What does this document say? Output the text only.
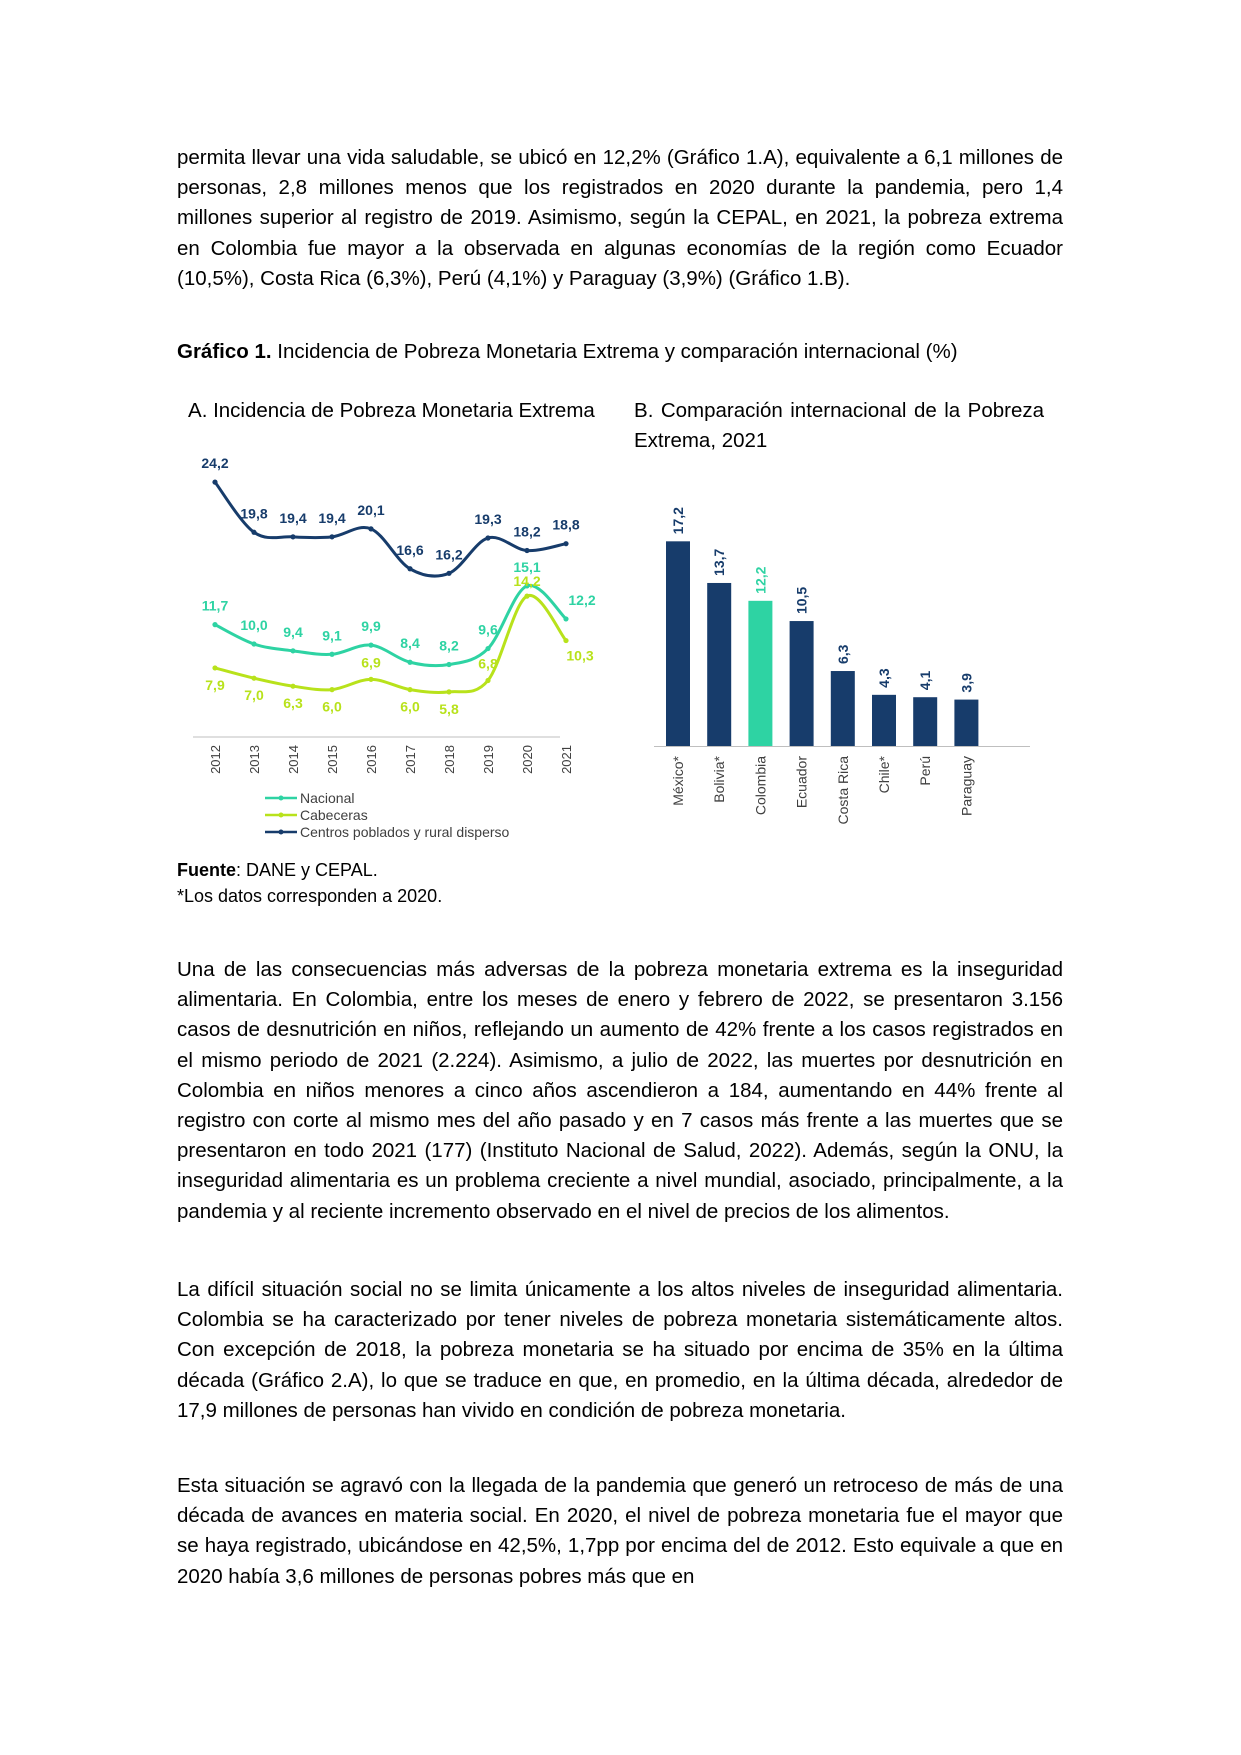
permita llevar una vida saludable, se ubicó en 12,2% (Gráfico 1.A), equivalente a 6,1 millones de personas, 2,8 millones menos que los registrados en 2020 durante la pandemia, pero 1,4 millones superior al registro de 2019. Asimismo, según la CEPAL, en 2021, la pobreza extrema en Colombia fue mayor a la observada en algunas economías de la región como Ecuador (10,5%), Costa Rica (6,3%), Perú (4,1%) y Paraguay (3,9%) (Gráfico 1.B).

Gráfico 1. Incidencia de Pobreza Monetaria Extrema y comparación internacional (%)

A. Incidencia de Pobreza Monetaria Extrema	B. Comparación internacional de la Pobreza Extrema, 2021

2012 2013 2014 2015 2016 2017 2018 2019 2020 2021
11,7
10,0 9,4 9,1
9,9
8,4 8,2
9,6
15,1
12,2
7,9
7,0 6,3 6,0
6,9
6,0 5,8
6,8
14,2
10,3
24,2
19,8 19,4 19,4 20,1
16,6 16,2
19,3
18,2 18,8
Nacional
Cabeceras
Centros poblados y rural disperso
17,2
México*
13,7
Bolivia*
12,2
Colombia
10,5
Ecuador
6,3
Costa Rica
4,3
Chile*
4,1
Perú
3,9
Paraguay
Fuente: DANE y CEPAL.
*Los datos corresponden a 2020.

Una de las consecuencias más adversas de la pobreza monetaria extrema es la inseguridad alimentaria. En Colombia, entre los meses de enero y febrero de 2022, se presentaron 3.156 casos de desnutrición en niños, reflejando un aumento de 42% frente a los casos registrados en el mismo periodo de 2021 (2.224). Asimismo, a julio de 2022, las muertes por desnutrición en Colombia en niños menores a cinco años ascendieron a 184, aumentando en 44% frente al registro con corte al mismo mes del año pasado y en 7 casos más frente a las muertes que se presentaron en todo 2021 (177) (Instituto Nacional de Salud, 2022). Además, según la ONU, la inseguridad alimentaria es un problema creciente a nivel mundial, asociado, principalmente, a la pandemia y al reciente incremento observado en el nivel de precios de los alimentos.

La difícil situación social no se limita únicamente a los altos niveles de inseguridad alimentaria. Colombia se ha caracterizado por tener niveles de pobreza monetaria sistemáticamente altos. Con excepción de 2018, la pobreza monetaria se ha situado por encima de 35% en la última década (Gráfico 2.A), lo que se traduce en que, en promedio, en la última década, alrededor de 17,9 millones de personas han vivido en condición de pobreza monetaria.

Esta situación se agravó con la llegada de la pandemia que generó un retroceso de más de una década de avances en materia social. En 2020, el nivel de pobreza monetaria fue el mayor que se haya registrado, ubicándose en 42,5%, 1,7pp por encima del de 2012. Esto equivale a que en 2020 había 3,6 millones de personas pobres más que en
